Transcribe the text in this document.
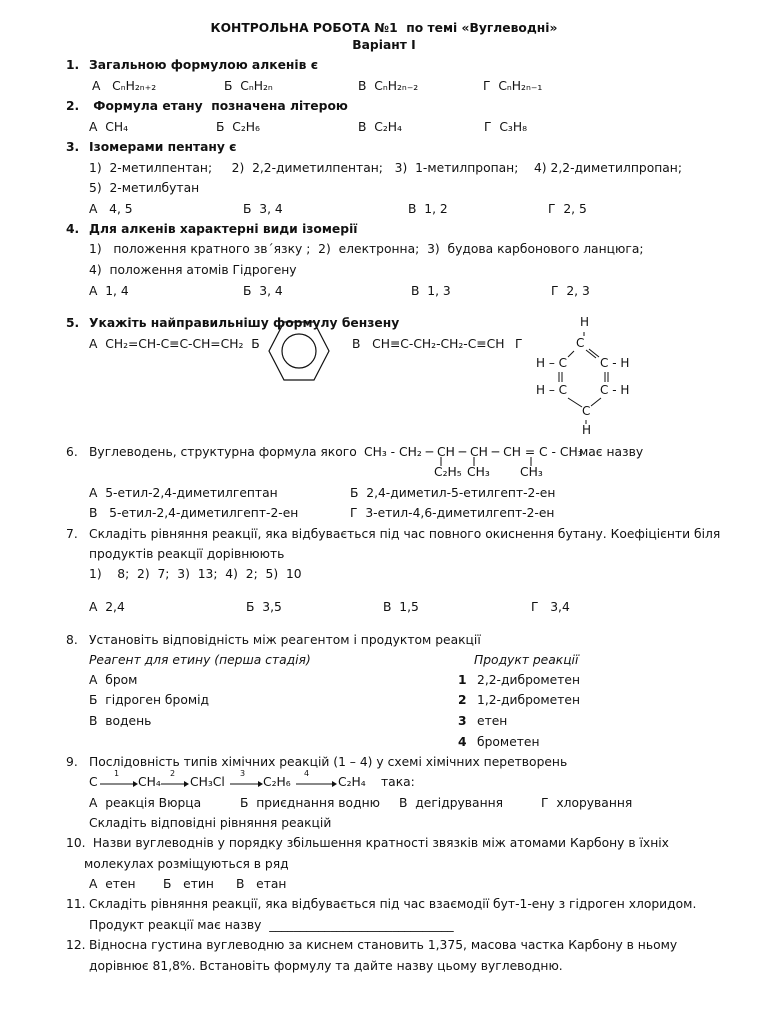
КОНТРОЛЬНА РОБОТА №1  по темі «Вуглеводні»
Варіант І
1. Загальною формулою алкенів є
А   CₙH₂ₙ₊₂	Б  CₙH₂ₙ	В  CₙH₂ₙ₋₂	Г  CₙH₂ₙ₋₁
2. Формула етану  позначена літерою
А  CH₄	Б  C₂H₆	В  C₂H₄	Г  C₃H₈
3. Ізомерами пентану є
1)  2-метилпентан;     2)  2,2-диметилпентан;   3)  1-метилпропан;    4) 2,2-диметилпропан;
5)  2-метилбутан
А   4, 5	Б  3, 4	В  1, 2	Г  2, 5
4. Для алкенів характерні види ізомерії
1)   положення кратного зв´язку ;  2)  електронна;  3)  будова карбонового ланцюга;
4)  положення атомів Гідрогену
А  1, 4	Б  3, 4	В  1, 3	Г  2, 3
5. Укажіть найправильнішу формулу бензену
А  CH₂=CH-C≡C-CH=CH₂  Б	В   CH≡C-CH₂-CH₂-C≡CH Г
H
C
H – C	C - H
H – C	C - H
C
H
6. Вуглеводень, структурна формула якого CH₃ - CH₂ ─ CH ─ CH ─ CH = C - CH₃
має назву
C₂H₅ CH₃ CH₃
А  5-етил-2,4-диметилгептан	Б  2,4-диметил-5-етилгепт-2-ен
В   5-етил-2,4-диметилгепт-2-ен	Г  3-етил-4,6-диметилгепт-2-ен
7. Складіть рівняння реакції, яка відбувається під час повного окиснення бутану. Коефіцієнти біля
продуктів реакції дорівнюють
1)    8;  2)  7;  3)  13;  4)  2;  5)  10
А  2,4	Б  3,5	В  1,5	Г   3,4
8. Установіть відповідність між реагентом і продуктом реакції
Реагент для етину (перша стадія)	Продукт реакції
А  бром
Б  гідроген бромід
В  водень
1 2,2-диброметен
2 1,2-диброметен
3 етен
4 брометен
9. Послідовність типів хімічних реакцій (1 – 4) у схемі хімічних перетворень
C
1
CH₄
2
CH₃Cl
3
C₂H₆
4
C₂H₄ така:
А  реакція Вюрца	Б  приєднання водню В  дегідрування	Г  хлорування
Складіть відповідні рівняння реакцій
10. Назви вуглеводнів у порядку збільшення кратності звязків між атомами Карбону в їхніх
молекулах розміщуються в ряд
А  етен Б   етин В   етан
11. Складіть рівняння реакції, яка відбувається під час взаємодії бут-1-ену з гідроген хлоридом.
Продукт реакції має назву  ______________________________
12. Відносна густина вуглеводню за киснем становить 1,375, масова частка Карбону в ньому
дорівнює 81,8%. Встановіть формулу та дайте назву цьому вуглеводню.
